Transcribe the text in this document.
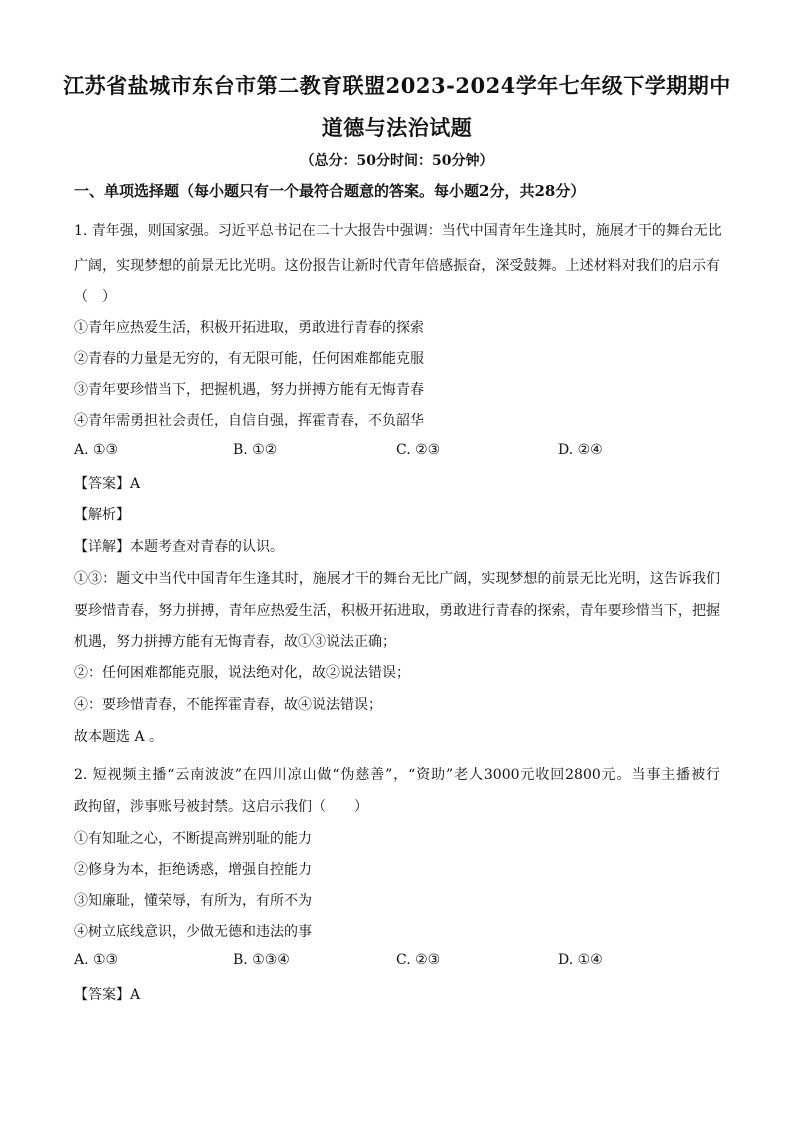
江苏省盐城市东台市第二教育联盟2023-2024学年七年级下学期期中
道德与法治试题
（总分：50分时间：50分钟）
一、单项选择题（每小题只有一个最符合题意的答案。每小题2分，共28分）
1. 青年强，则国家强。习近平总书记在二十大报告中强调：当代中国青年生逢其时，施展才干的舞台无比
广阔，实现梦想的前景无比光明。这份报告让新时代青年倍感振奋，深受鼓舞。上述材料对我们的启示有
（　）
①青年应热爱生活，积极开拓进取，勇敢进行青春的探索
②青春的力量是无穷的，有无限可能，任何困难都能克服
③青年要珍惜当下，把握机遇，努力拼搏方能有无悔青春
④青年需勇担社会责任，自信自强，挥霍青春，不负韶华
A. ①③	B. ①②	C. ②③	D. ②④
【答案】A
【解析】
【详解】本题考查对青春的认识。
①③：题文中当代中国青年生逢其时，施展才干的舞台无比广阔，实现梦想的前景无比光明，这告诉我们
要珍惜青春，努力拼搏，青年应热爱生活，积极开拓进取，勇敢进行青春的探索，青年要珍惜当下，把握
机遇，努力拼搏方能有无悔青春，故①③说法正确；
②：任何困难都能克服，说法绝对化，故②说法错误；
④：要珍惜青春，不能挥霍青春，故④说法错误；
故本题选 A 。
2. 短视频主播“云南波波”在四川凉山做“伪慈善”，“资助”老人3000元收回2800元。当事主播被行
政拘留，涉事账号被封禁。这启示我们（　　）
①有知耻之心，不断提高辨别耻的能力
②修身为本，拒绝诱惑，增强自控能力
③知廉耻，懂荣辱，有所为，有所不为
④树立底线意识，少做无德和违法的事
A. ①③	B. ①③④	C. ②③	D. ①④
【答案】A
